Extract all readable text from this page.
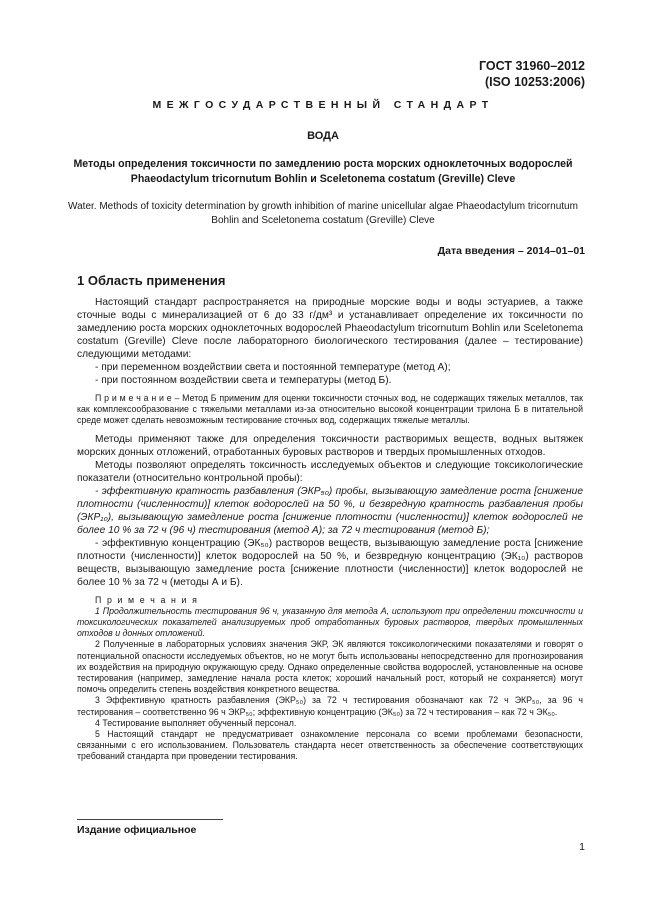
ГОСТ 31960–2012
(ISO 10253:2006)
МЕЖГОСУДАРСТВЕННЫЙ СТАНДАРТ
ВОДА
Методы определения токсичности по замедлению роста морских одноклеточных водорослей
Phaeodactylum tricornutum Bohlin и Sceletonema costatum (Greville) Cleve
Water. Methods of toxicity determination by growth inhibition of marine unicellular algae Phaeodactylum tricornutum
Bohlin and Sceletonema costatum (Greville) Cleve
Дата введения – 2014–01–01
1 Область применения

Настоящий стандарт распространяется на природные морские воды и воды эстуариев, а также сточные воды с минерализацией от 6 до 33 г/дм³ и устанавливает определение их токсичности по замедлению роста морских одноклеточных водорослей Phaeodactylum tricornutum Bohlin или Sceletonema costatum (Greville) Cleve после лабораторного биологического тестирования (далее – тестирование) следующими методами:

- при переменном воздействии света и постоянной температуре (метод А);

- при постоянном воздействии света и температуры (метод Б).

П р и м е ч а н и е – Метод Б применим для оценки токсичности сточных вод, не содержащих тяжелых металлов, так как комплексообразование с тяжелыми металлами из-за относительно высокой концентрации трилона Б в питательной среде может сделать невозможным тестирование сточных вод, содержащих тяжелые металлы.

Методы применяют также для определения токсичности растворимых веществ, водных вытяжек морских донных отложений, отработанных буровых растворов и твердых промышленных отходов.

Методы позволяют определять токсичность исследуемых объектов и следующие токсикологические показатели (относительно контрольной пробы):

- эффективную кратность разбавления (ЭКР₅₀) пробы, вызывающую замедление роста [снижение плотности (численности)] клеток водорослей на 50 %, и безвредную кратность разбавления пробы (ЭКР₁₀), вызывающую замедление роста [снижение плотности (численности)] клеток водорослей не более 10 % за 72 ч (96 ч) тестирования (метод А); за 72 ч тестирования (метод Б);

- эффективную концентрацию (ЭК₅₀) растворов веществ, вызывающую замедление роста [снижение плотности (численности)] клеток водорослей на 50 %, и безвредную концентрацию (ЭК₁₀) растворов веществ, вызывающую замедление роста [снижение плотности (численности)] клеток водорослей не более 10 % за 72 ч (методы А и Б).

П р и м е ч а н и я

1 Продолжительность тестирования 96 ч, указанную для метода А, используют при определении токсичности и токсикологических показателей анализируемых проб отработанных буровых растворов, твердых промышленных отходов и донных отложений.

2 Полученные в лабораторных условиях значения ЭКР, ЭК являются токсикологическими показателями и говорят о потенциальной опасности исследуемых объектов, но не могут быть использованы непосредственно для прогнозирования их воздействия на природную окружающую среду. Однако определенные свойства водорослей, установленные на основе тестирования (например, замедление начала роста клеток; хороший начальный рост, который не сохраняется) могут помочь определить степень воздействия конкретного вещества.

3 Эффективную кратность разбавления (ЭКР₅₀) за 72 ч тестирования обозначают как 72 ч ЭКР₅₀, за 96 ч тестирования – соответственно 96 ч ЭКР₅₀; эффективную концентрацию (ЭК₅₀) за 72 ч тестирования – как 72 ч ЭК₅₀.

4 Тестирование выполняет обученный персонал.

5 Настоящий стандарт не предусматривает ознакомление персонала со всеми проблемами безопасности, связанными с его использованием. Пользователь стандарта несет ответственность за обеспечение соответствующих требований стандарта при проведении тестирования.

Издание официальное
1
